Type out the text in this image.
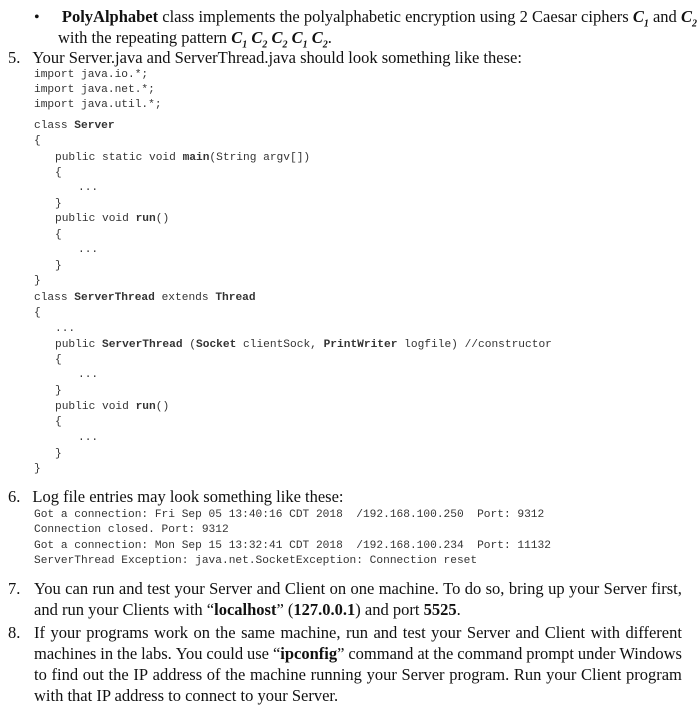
• PolyAlphabet class implements the polyalphabetic encryption using 2 Caesar ciphers $C_1$ and $C_2$
with the repeating pattern $C_1$ $C_2$ $C_2$ $C_1$ $C_2$.
5. Your Server.java and ServerThread.java should look something like these:
import java.io.*;
import java.net.*;
import java.util.*;
class Server
{
public static void main(String argv[])
{
...
}
public void run()
{
...
}
}
class ServerThread extends Thread
{
...
public ServerThread (Socket clientSock, PrintWriter logfile) //constructor
{
...
}
public void run()
{
...
}
}
6. Log file entries may look something like these:
Got a connection: Fri Sep 05 13:40:16 CDT 2018  /192.168.100.250  Port: 9312
Connection closed. Port: 9312
Got a connection: Mon Sep 15 13:32:41 CDT 2018  /192.168.100.234  Port: 11132
ServerThread Exception: java.net.SocketException: Connection reset
7. You can run and test your Server and Client on one machine. To do so, bring up your Server first,
and run your Clients with “localhost” (127.0.0.1) and port 5525.
8. If your programs work on the same machine, run and test your Server and Client with different
machines in the labs. You could use “ipconfig” command at the command prompt under Windows
to find out the IP address of the machine running your Server program. Run your Client program
with that IP address to connect to your Server.
